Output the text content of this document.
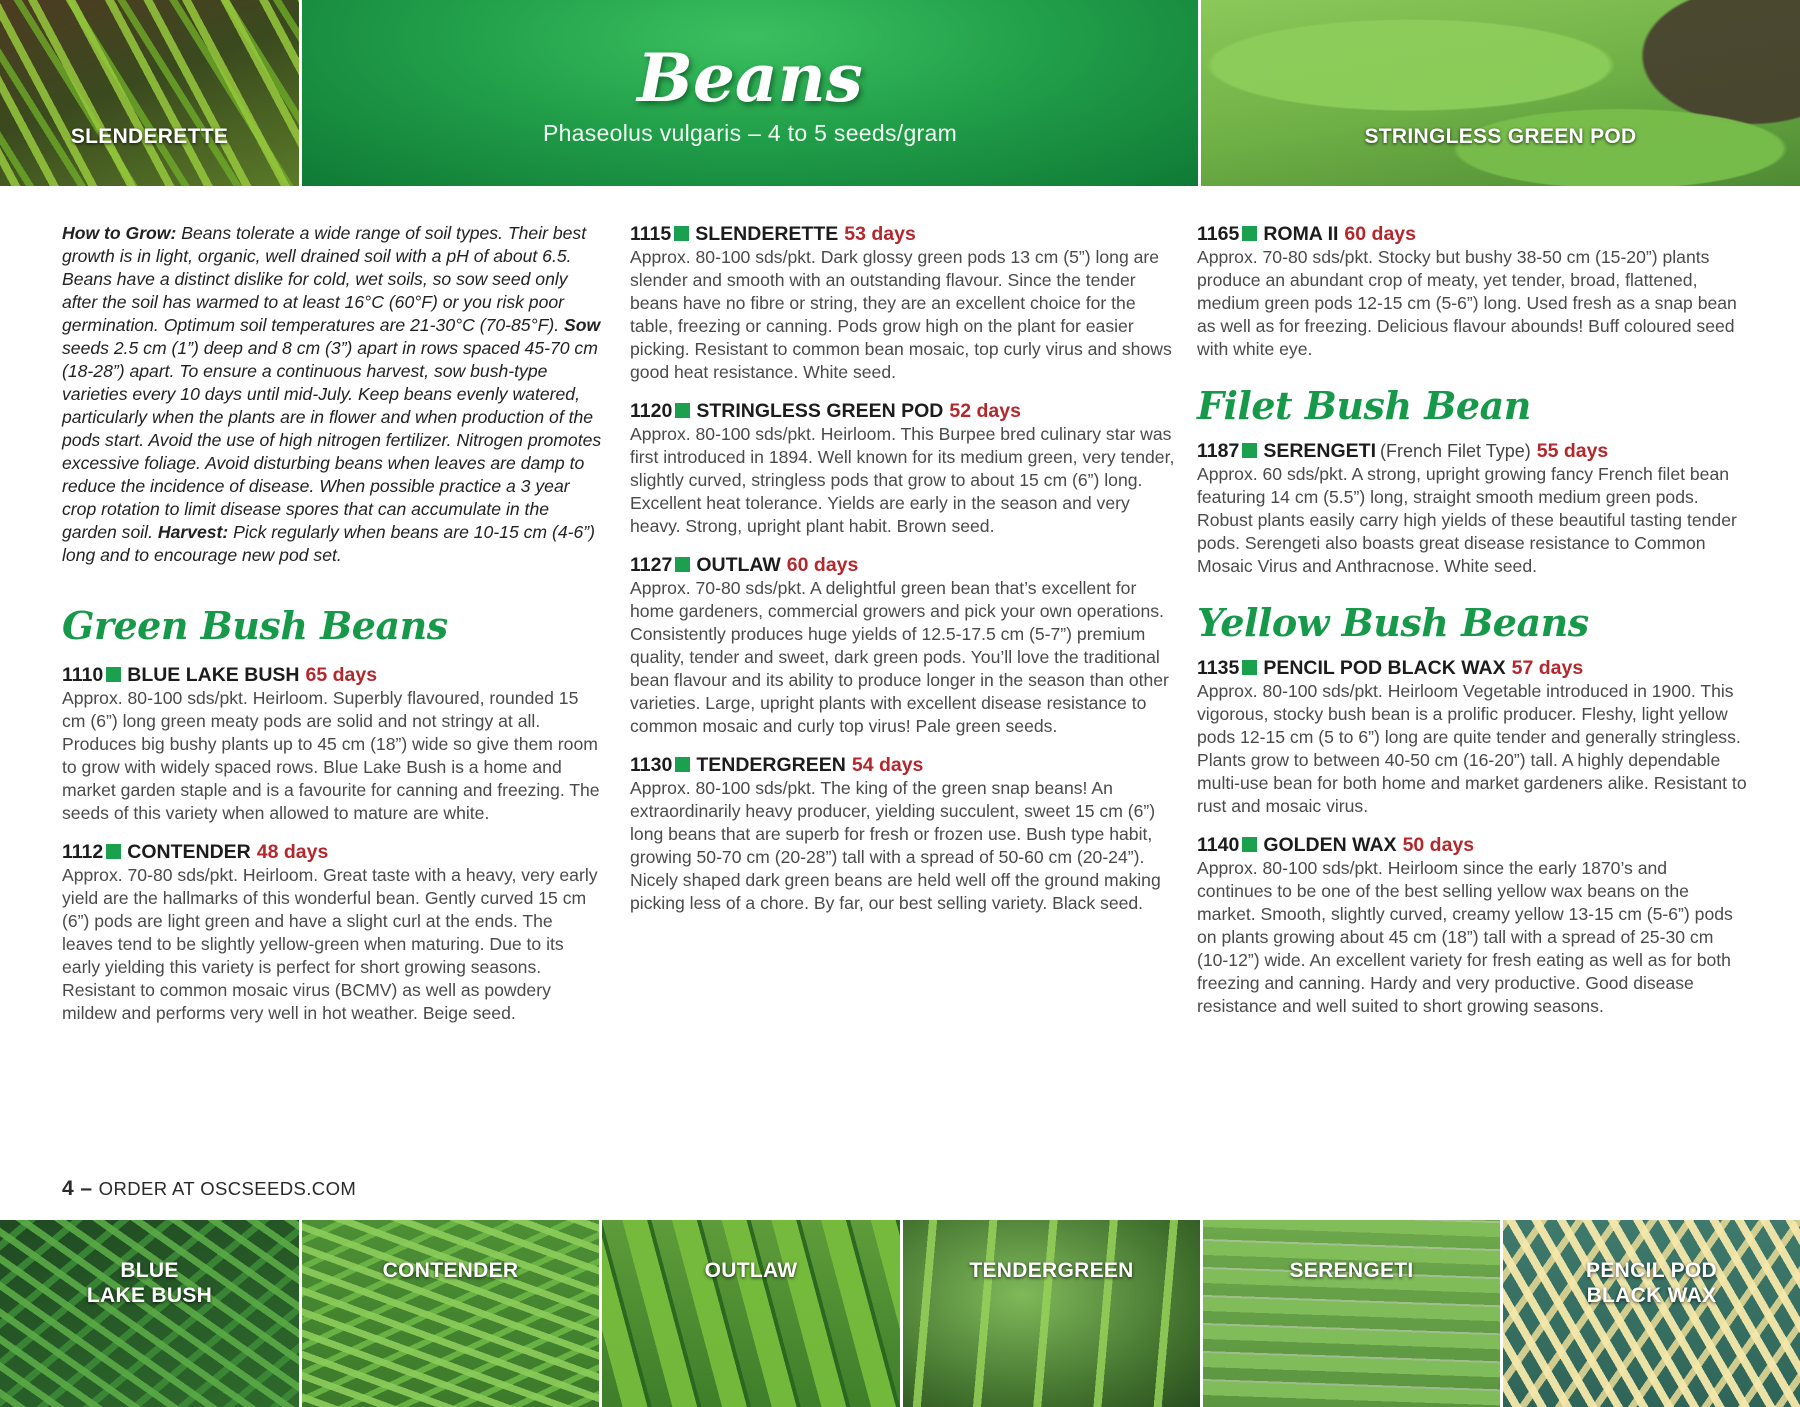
SLENDERETTE
Beans
Phaseolus vulgaris – 4 to 5 seeds/gram	STRINGLESS GREEN POD

How to Grow: Beans tolerate a wide range of soil types. Their best growth is in light, organic, well drained soil with a pH of about 6.5. Beans have a distinct dislike for cold, wet soils, so sow seed only after the soil has warmed to at least 16°C (60°F) or you risk poor germination. Optimum soil temperatures are 21-30°C (70-85°F). Sow seeds 2.5 cm (1”) deep and 8 cm (3”) apart in rows spaced 45-70 cm (18-28”) apart. To ensure a continuous harvest, sow bush-type varieties every 10 days until mid-July. Keep beans evenly watered, particularly when the plants are in flower and when production of the pods start. Avoid the use of high nitrogen fertilizer. Nitrogen promotes excessive foliage. Avoid disturbing beans when leaves are damp to reduce the incidence of disease. When possible practice a 3 year crop rotation to limit disease spores that can accumulate in the garden soil. Harvest: Pick regularly when beans are 10-15 cm (4-6”) long and to encourage new pod set.

Green Bush Beans
1110 BLUE LAKE BUSH 65 days

Approx. 80-100 sds/pkt. Heirloom. Superbly flavoured, rounded 15 cm (6”) long green meaty pods are solid and not stringy at all. Produces big bushy plants up to 45 cm (18”) wide so give them room to grow with widely spaced rows. Blue Lake Bush is a home and market garden staple and is a favourite for canning and freezing. The seeds of this variety when allowed to mature are white.

1112 CONTENDER 48 days

Approx. 70-80 sds/pkt. Heirloom. Great taste with a heavy, very early yield are the hallmarks of this wonderful bean. Gently curved 15 cm (6”) pods are light green and have a slight curl at the ends. The leaves tend to be slightly yellow-green when maturing. Due to its early yielding this variety is perfect for short growing seasons. Resistant to common mosaic virus (BCMV) as well as powdery mildew and performs very well in hot weather. Beige seed.

1115 SLENDERETTE 53 days

Approx. 80-100 sds/pkt. Dark glossy green pods 13 cm (5”) long are slender and smooth with an outstanding flavour. Since the tender beans have no fibre or string, they are an excellent choice for the table, freezing or canning. Pods grow high on the plant for easier picking. Resistant to common bean mosaic, top curly virus and shows good heat resistance. White seed.

1120 STRINGLESS GREEN POD 52 days

Approx. 80-100 sds/pkt. Heirloom. This Burpee bred culinary star was first introduced in 1894. Well known for its medium green, very tender, slightly curved, stringless pods that grow to about 15 cm (6”) long. Excellent heat tolerance. Yields are early in the season and very heavy. Strong, upright plant habit. Brown seed.

1127 OUTLAW 60 days

Approx. 70-80 sds/pkt. A delightful green bean that’s excellent for home gardeners, commercial growers and pick your own operations. Consistently produces huge yields of 12.5-17.5 cm (5-7”) premium quality, tender and sweet, dark green pods. You’ll love the traditional bean flavour and its ability to produce longer in the season than other varieties. Large, upright plants with excellent disease resistance to common mosaic and curly top virus! Pale green seeds.

1130 TENDERGREEN 54 days

Approx. 80-100 sds/pkt. The king of the green snap beans! An extraordinarily heavy producer, yielding succulent, sweet 15 cm (6”) long beans that are superb for fresh or frozen use. Bush type habit, growing 50-70 cm (20-28”) tall with a spread of 50-60 cm (20-24”). Nicely shaped dark green beans are held well off the ground making picking less of a chore. By far, our best selling variety. Black seed.

1165 ROMA II 60 days

Approx. 70-80 sds/pkt. Stocky but bushy 38-50 cm (15-20”) plants produce an abundant crop of meaty, yet tender, broad, flattened, medium green pods 12-15 cm (5-6”) long. Used fresh as a snap bean as well as for freezing. Delicious flavour abounds! Buff coloured seed with white eye.

Filet Bush Bean
1187 SERENGETI (French Filet Type) 55 days

Approx. 60 sds/pkt. A strong, upright growing fancy French filet bean featuring 14 cm (5.5”) long, straight smooth medium green pods. Robust plants easily carry high yields of these beautiful tasting tender pods. Serengeti also boasts great disease resistance to Common Mosaic Virus and Anthracnose. White seed.

Yellow Bush Beans
1135 PENCIL POD BLACK WAX 57 days

Approx. 80-100 sds/pkt. Heirloom Vegetable introduced in 1900. This vigorous, stocky bush bean is a prolific producer. Fleshy, light yellow pods 12-15 cm (5 to 6”) long are quite tender and generally stringless. Plants grow to between 40-50 cm (16-20”) tall. A highly dependable multi-use bean for both home and market gardeners alike. Resistant to rust and mosaic virus.

1140 GOLDEN WAX 50 days

Approx. 80-100 sds/pkt. Heirloom since the early 1870’s and continues to be one of the best selling yellow wax beans on the market. Smooth, slightly curved, creamy yellow 13-15 cm (5-6”) pods on plants growing about 45 cm (18”) tall with a spread of 25-30 cm (10-12”) wide. An excellent variety for fresh eating as well as for both freezing and canning. Hardy and very productive. Good disease resistance and well suited to short growing seasons.

4 – ORDER AT OSCSEEDS.COM
BLUE
LAKE BUSH
CONTENDER	OUTLAW	TENDERGREEN	SERENGETI	PENCIL POD
BLACK WAX
